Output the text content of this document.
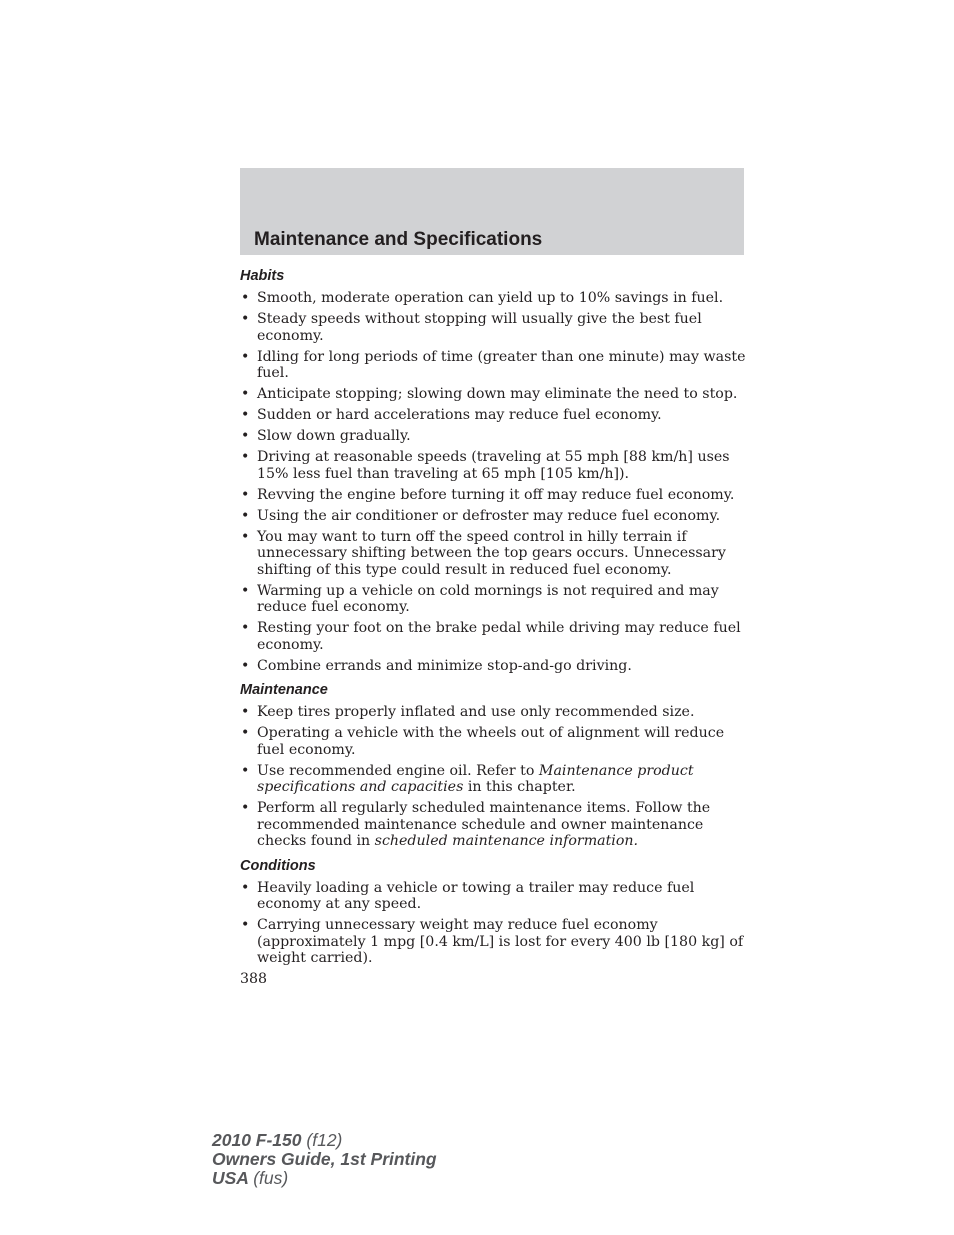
Maintenance and Specifications
Habits
• Smooth, moderate operation can yield up to 10% savings in fuel.
• Steady speeds without stopping will usually give the best fuel economy.
• Idling for long periods of time (greater than one minute) may waste fuel.
• Anticipate stopping; slowing down may eliminate the need to stop.
• Sudden or hard accelerations may reduce fuel economy.
• Slow down gradually.
• Driving at reasonable speeds (traveling at 55 mph [88 km/h] uses 15% less fuel than traveling at 65 mph [105 km/h]).
• Revving the engine before turning it off may reduce fuel economy.
• Using the air conditioner or defroster may reduce fuel economy.
• You may want to turn off the speed control in hilly terrain if unnecessary shifting between the top gears occurs. Unnecessary shifting of this type could result in reduced fuel economy.
• Warming up a vehicle on cold mornings is not required and may reduce fuel economy.
• Resting your foot on the brake pedal while driving may reduce fuel economy.
• Combine errands and minimize stop-and-go driving.
Maintenance
• Keep tires properly inflated and use only recommended size.
• Operating a vehicle with the wheels out of alignment will reduce fuel economy.
• Use recommended engine oil. Refer to Maintenance product specifications and capacities in this chapter.
• Perform all regularly scheduled maintenance items. Follow the recommended maintenance schedule and owner maintenance checks found in scheduled maintenance information.
Conditions
• Heavily loading a vehicle or towing a trailer may reduce fuel economy at any speed.
• Carrying unnecessary weight may reduce fuel economy (approximately 1 mpg [0.4 km/L] is lost for every 400 lb [180 kg] of weight carried).
388
2010 F-150 (f12)
Owners Guide, 1st Printing
USA (fus)
